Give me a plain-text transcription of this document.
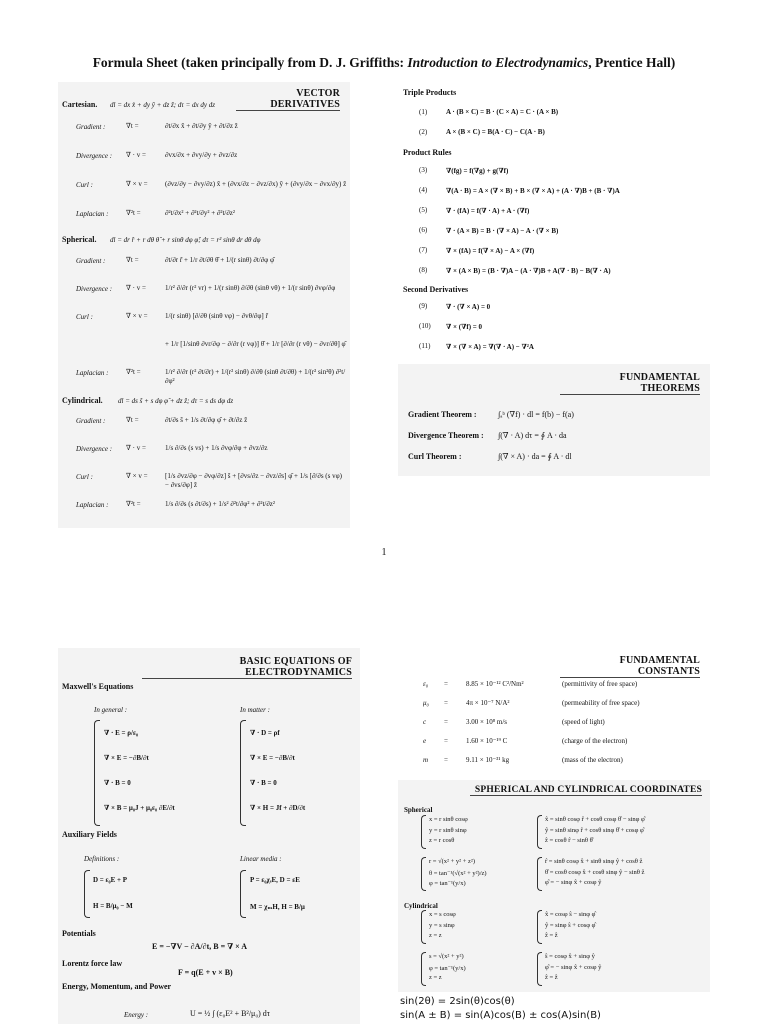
Formula Sheet (taken principally from D. J. Griffiths: Introduction to Electrodynamics, Prentice Hall)
VECTOR DERIVATIVES
Cartesian. dl = dx x̂ + dy ŷ + dz ẑ; dτ = dx dy dz
Gradient :	∇t =	∂t/∂x x̂ + ∂t/∂y ŷ + ∂t/∂z ẑ
Divergence : ∇ · v =	∂vx/∂x + ∂vy/∂y + ∂vz/∂z
Curl :	∇ × v = (∂vz/∂y − ∂vy/∂z) x̂ + (∂vx/∂z − ∂vz/∂x) ŷ + (∂vy/∂x − ∂vx/∂y) ẑ
Laplacian :	∇²t =	∂²t/∂x² + ∂²t/∂y² + ∂²t/∂z²
Spherical. dl = dr r̂ + r dθ θ̂ + r sinθ dφ φ̂; dτ = r² sinθ dr dθ dφ
Gradient :	∇t =	∂t/∂r r̂ + 1/r ∂t/∂θ θ̂ + 1/(r sinθ) ∂t/∂φ φ̂
Divergence : ∇ · v =	1/r² ∂/∂r (r² vr) + 1/(r sinθ) ∂/∂θ (sinθ vθ) + 1/(r sinθ) ∂vφ/∂φ
Curl :	∇ × v = 1/(r sinθ) [∂/∂θ (sinθ vφ) − ∂vθ/∂φ] r̂
+ 1/r [1/sinθ ∂vr/∂φ − ∂/∂r (r vφ)] θ̂ + 1/r [∂/∂r (r vθ) − ∂vr/∂θ] φ̂
Laplacian :	∇²t =	1/r² ∂/∂r (r² ∂t/∂r) + 1/(r² sinθ) ∂/∂θ (sinθ ∂t/∂θ) + 1/(r² sin²θ) ∂²t/∂φ²
Cylindrical. dl = ds ŝ + s dφ φ̂ + dz ẑ; dτ = s ds dφ dz
Gradient :	∇t =	∂t/∂s ŝ + 1/s ∂t/∂φ φ̂ + ∂t/∂z ẑ
Divergence : ∇ · v =	1/s ∂/∂s (s vs) + 1/s ∂vφ/∂φ + ∂vz/∂z
Curl :	∇ × v = [1/s ∂vz/∂φ − ∂vφ/∂z] ŝ + [∂vs/∂z − ∂vz/∂s] φ̂ + 1/s [∂/∂s (s vφ) − ∂vs/∂φ] ẑ
Laplacian :	∇²t =	1/s ∂/∂s (s ∂t/∂s) + 1/s² ∂²t/∂φ² + ∂²t/∂z²
Triple Products
(1)	A · (B × C) = B · (C × A) = C · (A × B)
(2)	A × (B × C) = B(A · C) − C(A · B)
Product Rules
(3)	∇(fg) = f(∇g) + g(∇f)
(4)	∇(A · B) = A × (∇ × B) + B × (∇ × A) + (A · ∇)B + (B · ∇)A
(5)	∇ · (fA) = f(∇ · A) + A · (∇f)
(6)	∇ · (A × B) = B · (∇ × A) − A · (∇ × B)
(7)	∇ × (fA) = f(∇ × A) − A × (∇f)
(8)	∇ × (A × B) = (B · ∇)A − (A · ∇)B + A(∇ · B) − B(∇ · A)
Second Derivatives
(9)	∇ · (∇ × A) = 0
(10) ∇ × (∇f) = 0
(11) ∇ × (∇ × A) = ∇(∇ · A) − ∇²A
FUNDAMENTAL THEOREMS
Gradient Theorem :	∫ₐᵇ (∇f) · dl = f(b) − f(a)
Divergence Theorem : ∫(∇ · A) dτ = ∮ A · da
Curl Theorem :	∫(∇ × A) · da = ∮ A · dl
1
BASIC EQUATIONS OF ELECTRODYNAMICS
Maxwell's Equations
In general :	In matter :
∇ · E = ρ/ε₀
∇ × E = −∂B/∂t
∇ · B = 0
∇ × B = μ₀J + μ₀ε₀ ∂E/∂t
∇ · D = ρf
∇ × E = −∂B/∂t
∇ · B = 0
∇ × H = Jf + ∂D/∂t
Auxiliary Fields
Definitions :	Linear media :
D = ε₀E + P
H = B/μ₀ − M
P = ε₀χₑE, D = εE
M = χₘH, H = B/μ
Potentials
E = −∇V − ∂A/∂t, B = ∇ × A
Lorentz force law
F = q(E + v × B)
Energy, Momentum, and Power
Energy :	U = ½ ∫ (ε₀E² + B²/μ₀) dτ
FUNDAMENTAL CONSTANTS
ε₀ =	8.85 × 10⁻¹² C²/Nm²	(permittivity of free space)
μ₀ =	4π × 10⁻⁷ N/A²	(permeability of free space)
c	=	3.00 × 10⁸ m/s	(speed of light)
e	=	1.60 × 10⁻¹⁹ C	(charge of the electron)
m =	9.11 × 10⁻³¹ kg	(mass of the electron)
SPHERICAL AND CYLINDRICAL COORDINATES
Spherical
Cylindrical
x = r sinθ cosφ
y = r sinθ sinφ
z = r cosθ
x̂ = sinθ cosφ r̂ + cosθ cosφ θ̂ − sinφ φ̂
ŷ = sinθ sinφ r̂ + cosθ sinφ θ̂ + cosφ φ̂
ẑ = cosθ r̂ − sinθ θ̂
r = √(x² + y² + z²)
θ = tan⁻¹(√(x² + y²)/z)
φ = tan⁻¹(y/x)
r̂ = sinθ cosφ x̂ + sinθ sinφ ŷ + cosθ ẑ
θ̂ = cosθ cosφ x̂ + cosθ sinφ ŷ − sinθ ẑ
φ̂ = − sinφ x̂ + cosφ ŷ
x = s cosφ
y = s sinφ
z = z
x̂ = cosφ ŝ − sinφ φ̂
ŷ = sinφ ŝ + cosφ φ̂
ẑ = ẑ
s = √(x² + y²)
φ = tan⁻¹(y/x)
z = z
ŝ = cosφ x̂ + sinφ ŷ
φ̂ = − sinφ x̂ + cosφ ŷ
ẑ = ẑ
sin(2θ) = 2sin(θ)cos(θ)
sin(A ± B) = sin(A)cos(B) ± cos(A)sin(B)
